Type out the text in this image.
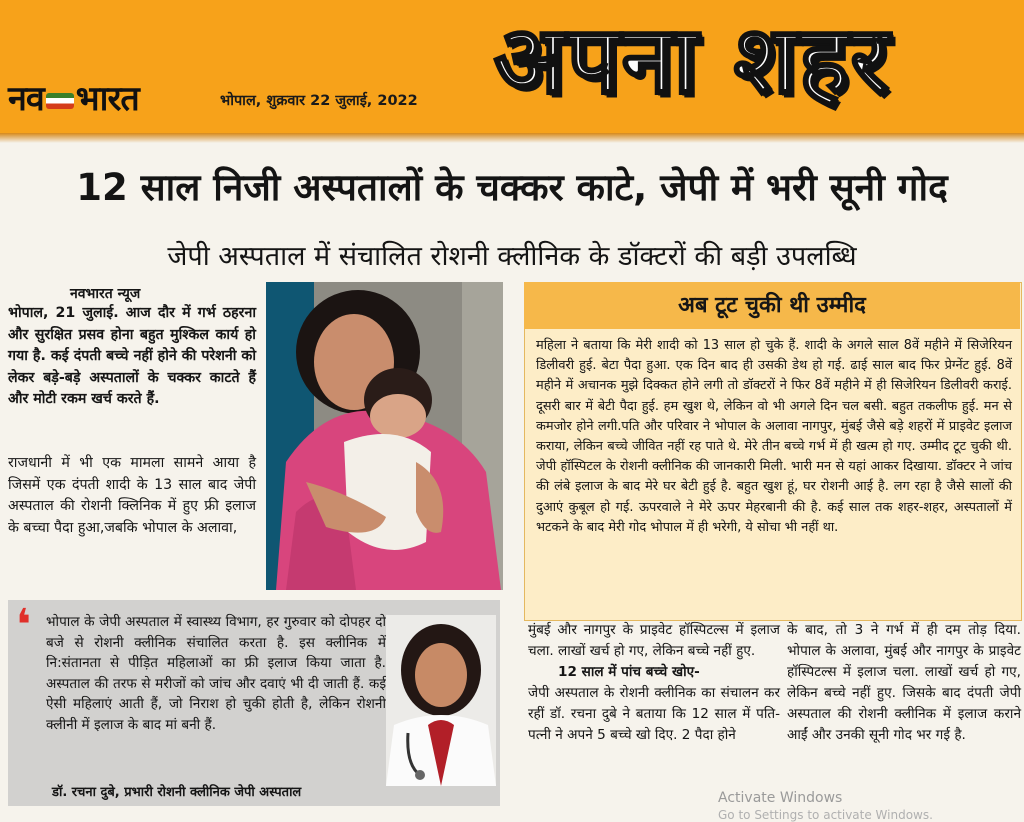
नव भारत	भोपाल, शुक्रवार 22 जुलाई, 2022 अपना शहर
12 साल निजी अस्पतालों के चक्कर काटे, जेपी में भरी सूनी गोद
जेपी अस्पताल में संचालित रोशनी क्लीनिक के डॉक्टरों की बड़ी उपलब्धि
नवभारत न्यूज
भोपाल, 21 जुलाई. आज दौर में गर्भ ठहरना और सुरक्षित प्रसव होना बहुत मुश्किल कार्य हो गया है. कई दंपती बच्चे नहीं होने की परेशनी को लेकर बड़े-बड़े अस्पतालों के चक्कर काटते हैं और मोटी रकम खर्च करते हैं.
राजधानी में भी एक मामला सामने आया है जिसमें एक दंपती शादी के 13 साल बाद जेपी अस्पताल की रोशनी क्लिनिक में हुए फ्री इलाज के बच्चा पैदा हुआ,जबकि भोपाल के अलावा,
अब टूट चुकी थी उम्मीद
महिला ने बताया कि मेरी शादी को 13 साल हो चुके हैं. शादी के अगले साल 8वें महीने में सिजेरियन डिलीवरी हुई. बेटा पैदा हुआ. एक दिन बाद ही उसकी डेथ हो गई. ढाई साल बाद फिर प्रेग्नेंट हुई. 8वें महीने में अचानक मुझे दिक्कत होने लगी तो डॉक्टरों ने फिर 8वें महीने में ही सिजेरियन डिलीवरी कराई. दूसरी बार में बेटी पैदा हुई. हम खुश थे, लेकिन वो भी अगले दिन चल बसी. बहुत तकलीफ हुई. मन से कमजोर होने लगी.पति और परिवार ने भोपाल के अलावा नागपुर, मुंबई जैसे बड़े शहरों में प्राइवेट इलाज कराया, लेकिन बच्चे जीवित नहीं रह पाते थे. मेरे तीन बच्चे गर्भ में ही खत्म हो गए. उम्मीद टूट चुकी थी. जेपी हॉस्पिटल के रोशनी क्लीनिक की जानकारी मिली. भारी मन से यहां आकर दिखाया. डॉक्टर ने जांच की लंबे इलाज के बाद मेरे घर बेटी हुई है. बहुत खुश हूं, घर रोशनी आई है. लग रहा है जैसे सालों की दुआएं कुबूल हो गई. ऊपरवाले ने मेरे ऊपर मेहरबानी की है. कई साल तक शहर-शहर, अस्पतालों में भटकने के बाद मेरी गोद भोपाल में ही भरेगी, ये सोचा भी नहीं था.
❛ भोपाल के जेपी अस्पताल में स्वास्थ्य विभाग, हर गुरुवार को दोपहर दो बजे से रोशनी क्लीनिक संचालित करता है. इस क्लीनिक में नि:संतानता से पीड़ित महिलाओं का फ्री इलाज किया जाता है. अस्पताल की तरफ से मरीजों को जांच और दवाएं भी दी जाती हैं. कई ऐसी महिलाएं आती हैं, जो निराश हो चुकी होती है, लेकिन रोशनी क्लीनी में इलाज के बाद मां बनी हैं.
डॉ. रचना दुबे, प्रभारी रोशनी क्लीनिक जेपी अस्पताल
मुंबई और नागपुर के प्राइवेट हॉस्पिटल्स में इलाज चला. लाखों खर्च हो गए, लेकिन बच्चे नहीं हुए.
12 साल में पांच बच्चे खोए-
जेपी अस्पताल के रोशनी क्लीनिक का संचालन कर रहीं डॉ. रचना दुबे ने बताया कि 12 साल में पति-पत्नी ने अपने 5 बच्चे खो दिए. 2 पैदा होने
के बाद, तो 3 ने गर्भ में ही दम तोड़ दिया. भोपाल के अलावा, मुंबई और नागपुर के प्राइवेट हॉस्पिटल्स में इलाज चला. लाखों खर्च हो गए, लेकिन बच्चे नहीं हुए. जिसके बाद दंपती जेपी अस्पताल की रोशनी क्लीनिक में इलाज कराने आईं और उनकी सूनी गोद भर गई है.
Activate Windows
Go to Settings to activate Windows.
